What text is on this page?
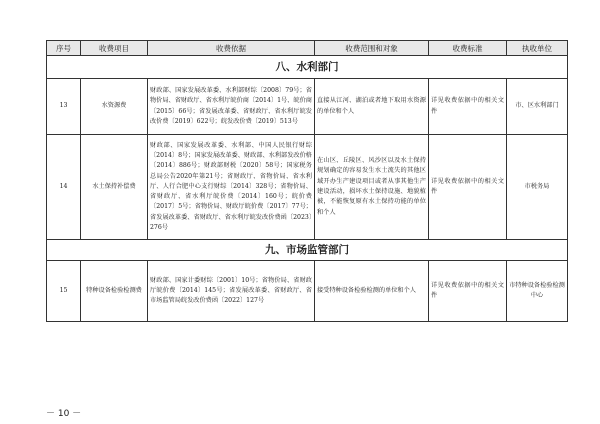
序号	收费项目	收费依据	收费范围和对象	收费标准	执收单位
八、水利部门					
13	水资源费	财政部、国家发展改革委、水利部财综〔2008〕79号；省物价局、省财政厅、省水利厅皖价商〔2014〕1号、皖价商〔2015〕66号；省发展改革委、省财政厅、省水利厅皖发改价费〔2019〕622号；皖发改价费〔2019〕513号	直接从江河、湖泊或者地下取用水资源的单位和个人	详见收费依据中的相关文件	市、区水利部门
14	水土保持补偿费	财政部、国家发展改革委、水利部、中国人民银行财综〔2014〕8号；国家发展改革委、财政部、水利部发改价格〔2014〕886号；财政部财税〔2020〕58号；国家税务总局公告2020年第21号；省财政厅、省物价局、省水利厅、人行合肥中心支行财综〔2014〕328号；省物价局、省财政厅、省水利厅皖价费〔2014〕160号；皖价费〔2017〕5号；省物价局、财政厅皖价费〔2017〕77号；省发展改革委、省财政厅、省水利厅皖发改价费函〔2023〕276号	在山区、丘陵区、风沙区以及水土保持规划确定的容易发生水土流失的其他区域开办生产建设项目或者从事其他生产建设活动，损坏水土保持设施、地貌植被，不能恢复原有水土保持功能的单位和个人	详见收费依据中的相关文件	市税务局
九、市场监管部门					
15	特种设备检验检测费	财政部、国家计委财综〔2001〕10号；省物价局、省财政厅皖价费〔2014〕145号；省发展改革委、省财政厅、省市场监管局皖发改价费函〔2022〕127号	接受特种设备检验检测的单位和个人	详见收费依据中的相关文件	市特种设备检验检测中心
－ 10 －
